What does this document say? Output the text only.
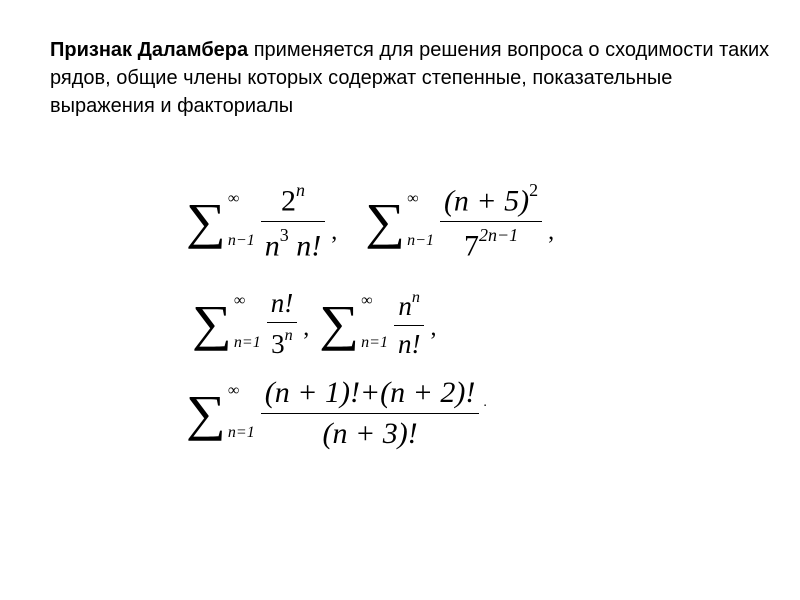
Признак Даламбера применяется для решения вопроса о сходимости таких рядов, общие члены которых содержат степенные, показательные выражения и факториалы
∑ ∞
$n-1 \frac{2^n}{n^3 n!}$ , ∑ ∞
$n-1 \frac{(n + 5)^2}{7^{2n-1}}$ ,
∑ ∞
$n=1 \frac{n!}{3^n}$ , ∑ ∞
$n=1 \frac{n^n}{n!}$ ,
∑ ∞
$n=1 \frac{(n + 1)!+(n + 2)!}{(n + 3)!}$ .
